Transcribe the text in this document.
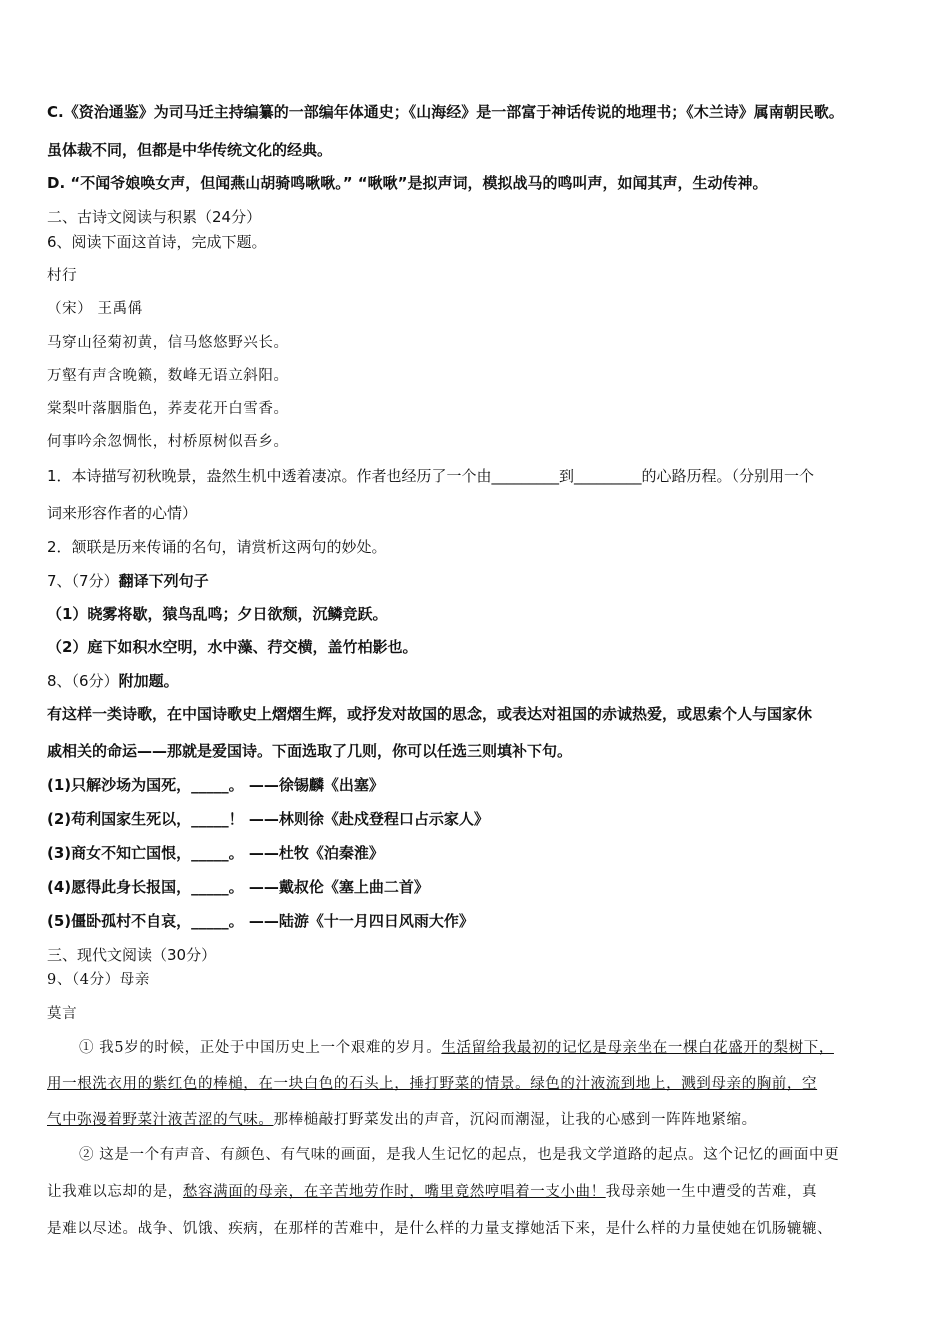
C.《资治通鉴》为司马迁主持编纂的一部编年体通史；《山海经》是一部富于神话传说的地理书；《木兰诗》属南朝民歌。
虽体裁不同，但都是中华传统文化的经典。
D. “不闻爷娘唤女声，但闻燕山胡骑鸣啾啾。” “啾啾”是拟声词，模拟战马的鸣叫声，如闻其声，生动传神。
二、古诗文阅读与积累（24分）
6、阅读下面这首诗，完成下题。
村行
（宋） 王禹偁
马穿山径菊初黄，信马悠悠野兴长。
万壑有声含晚籁，数峰无语立斜阳。
棠梨叶落胭脂色，荞麦花开白雪香。
何事吟余忽惆怅，村桥原树似吾乡。
1．本诗描写初秋晚景，盎然生机中透着凄凉。作者也经历了一个由_________到_________的心路历程。（分别用一个
词来形容作者的心情）
2．颔联是历来传诵的名句，请赏析这两句的妙处。
7、（7分）翻译下列句子
（1）晓雾将歇，猿鸟乱鸣；夕日欲颓，沉鳞竞跃。
（2）庭下如积水空明，水中藻、荇交横，盖竹柏影也。
8、（6分）附加题。
有这样一类诗歌，在中国诗歌史上熠熠生辉，或抒发对故国的思念，或表达对祖国的赤诚热爱，或思索个人与国家休
戚相关的命运——那就是爱国诗。下面选取了几则，你可以任选三则填补下句。
(1)只解沙场为国死，_____。 ——徐锡麟《出塞》
(2)苟利国家生死以，_____！ ——林则徐《赴戍登程口占示家人》
(3)商女不知亡国恨，_____。 ——杜牧《泊秦淮》
(4)愿得此身长报国，_____。 ——戴叔伦《塞上曲二首》
(5)僵卧孤村不自哀，_____。 ——陆游《十一月四日风雨大作》
三、现代文阅读（30分）
9、（4分）母亲
莫言
① 我5岁的时候，正处于中国历史上一个艰难的岁月。生活留给我最初的记忆是母亲坐在一棵白花盛开的梨树下，
用一根洗衣用的紫红色的棒槌，在一块白色的石头上，捶打野菜的情景。绿色的汁液流到地上，溅到母亲的胸前，空
气中弥漫着野菜汁液苦涩的气味。那棒槌敲打野菜发出的声音，沉闷而潮湿，让我的心感到一阵阵地紧缩。
② 这是一个有声音、有颜色、有气味的画面，是我人生记忆的起点，也是我文学道路的起点。这个记忆的画面中更
让我难以忘却的是，愁容满面的母亲，在辛苦地劳作时，嘴里竟然哼唱着一支小曲！我母亲她一生中遭受的苦难，真
是难以尽述。战争、饥饿、疾病，在那样的苦难中，是什么样的力量支撑她活下来，是什么样的力量使她在饥肠辘辘、
